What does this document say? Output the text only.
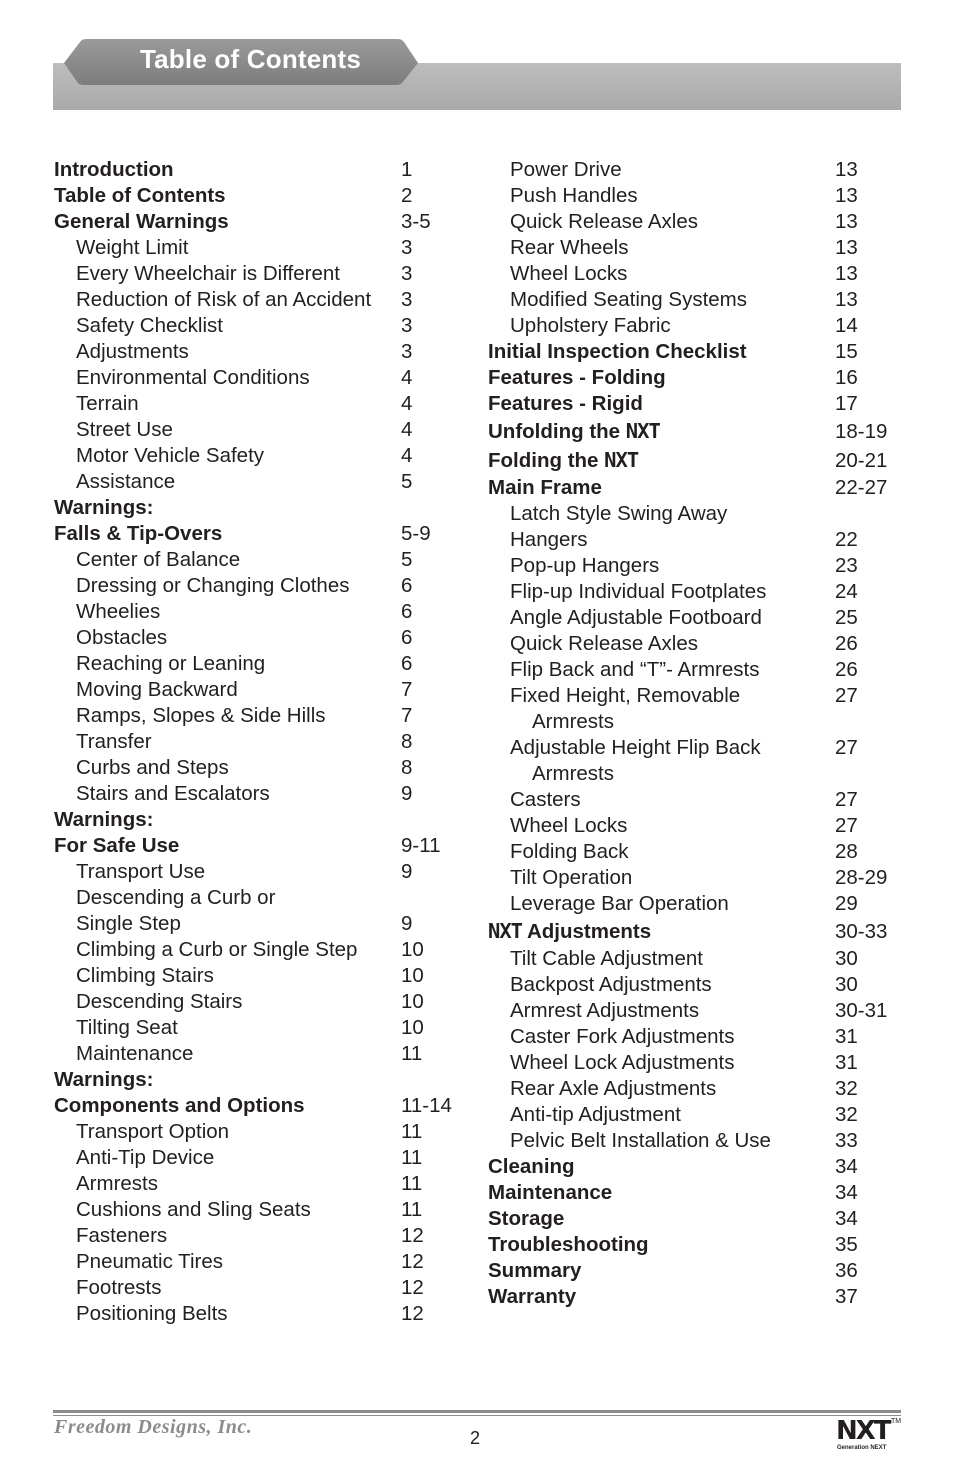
Table of Contents
Introduction	1
Table of Contents	2
General Warnings	3-5
Weight Limit	3
Every Wheelchair is Different	3
Reduction of Risk of an Accident 3
Safety Checklist	3
Adjustments	3
Environmental Conditions	4
Terrain	4
Street Use	4
Motor Vehicle Safety	4
Assistance	5
Warnings:
Falls & Tip-Overs	5-9
Center of Balance	5
Dressing or Changing Clothes	6
Wheelies	6
Obstacles	6
Reaching or Leaning	6
Moving Backward	7
Ramps, Slopes & Side Hills	7
Transfer	8
Curbs and Steps	8
Stairs and Escalators	9
Warnings:
For Safe Use	9-11
Transport Use	9
Descending a Curb or
Single Step	9
Climbing a Curb or Single Step 10
Climbing Stairs	10
Descending Stairs	10
Tilting Seat	10
Maintenance	11
Warnings:
Components and Options	11-14
Transport Option	11
Anti-Tip Device	11
Armrests	11
Cushions and Sling Seats	11
Fasteners	12
Pneumatic Tires	12
Footrests	12
Positioning Belts	12
Power Drive	13
Push Handles	13
Quick Release Axles	13
Rear Wheels	13
Wheel Locks	13
Modified Seating Systems	13
Upholstery Fabric	14
Initial Inspection Checklist	15
Features - Folding	16
Features - Rigid	17
Unfolding the NXT	18-19
Folding the NXT	20-21
Main Frame	22-27
Latch Style Swing Away
Hangers	22
Pop-up Hangers	23
Flip-up Individual Footplates	24
Angle Adjustable Footboard	25
Quick Release Axles	26
Flip Back and “T”- Armrests	26
Fixed Height, Removable	27
Armrests
Adjustable Height Flip Back	27
Armrests
Casters	27
Wheel Locks	27
Folding Back	28
Tilt Operation	28-29
Leverage Bar Operation	29
NXT Adjustments	30-33
Tilt Cable Adjustment	30
Backpost Adjustments	30
Armrest Adjustments	30-31
Caster Fork Adjustments	31
Wheel Lock Adjustments	31
Rear Axle Adjustments	32
Anti-tip Adjustment	32
Pelvic Belt Installation & Use	33
Cleaning	34
Maintenance	34
Storage	34
Troubleshooting	35
Summary	36
Warranty	37
Freedom Designs, Inc.	2	NXT TM
Generation NEXT
